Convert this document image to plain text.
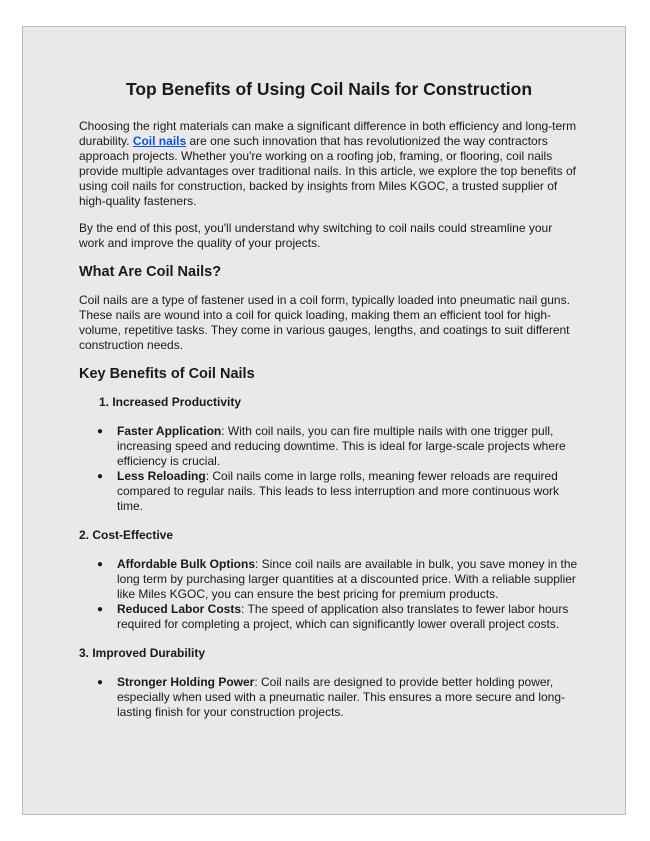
Top Benefits of Using Coil Nails for Construction

Choosing the right materials can make a significant difference in both efficiency and long-term durability. Coil nails are one such innovation that has revolutionized the way contractors approach projects. Whether you're working on a roofing job, framing, or flooring, coil nails provide multiple advantages over traditional nails. In this article, we explore the top benefits of using coil nails for construction, backed by insights from Miles KGOC, a trusted supplier of high-quality fasteners.

By the end of this post, you'll understand why switching to coil nails could streamline your work and improve the quality of your projects.

What Are Coil Nails?

Coil nails are a type of fastener used in a coil form, typically loaded into pneumatic nail guns. These nails are wound into a coil for quick loading, making them an efficient tool for high-volume, repetitive tasks. They come in various gauges, lengths, and coatings to suit different construction needs.

Key Benefits of Coil Nails
1. Increased Productivity
● Faster Application: With coil nails, you can fire multiple nails with one trigger pull, increasing speed and reducing downtime. This is ideal for large-scale projects where efficiency is crucial.
● Less Reloading: Coil nails come in large rolls, meaning fewer reloads are required compared to regular nails. This leads to less interruption and more continuous work time.
2. Cost-Effective
● Affordable Bulk Options: Since coil nails are available in bulk, you save money in the long term by purchasing larger quantities at a discounted price. With a reliable supplier like Miles KGOC, you can ensure the best pricing for premium products.
● Reduced Labor Costs: The speed of application also translates to fewer labor hours required for completing a project, which can significantly lower overall project costs.
3. Improved Durability
● Stronger Holding Power: Coil nails are designed to provide better holding power, especially when used with a pneumatic nailer. This ensures a more secure and long-lasting finish for your construction projects.
